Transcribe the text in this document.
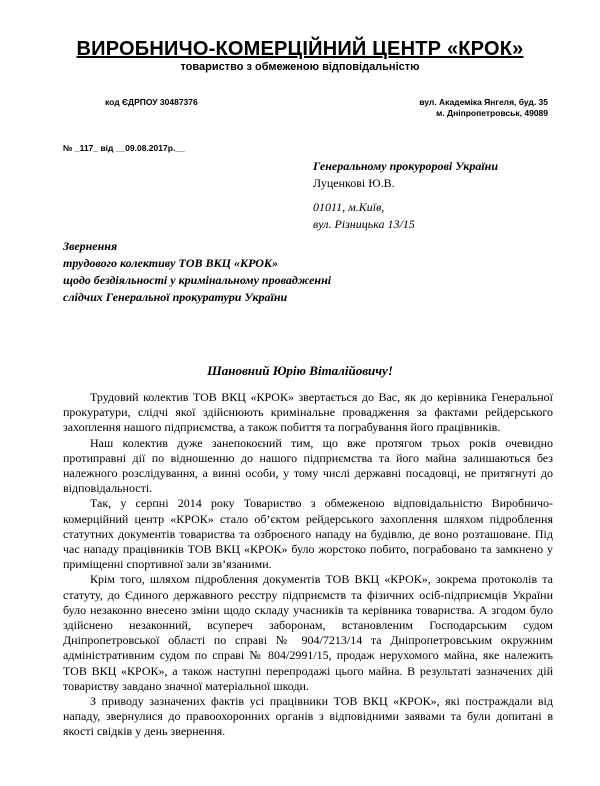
ВИРОБНИЧО-КОМЕРЦІЙНИЙ ЦЕНТР «КРОК»
товариство з обмеженою відповідальністю
код ЄДРПОУ 30487376	вул. Академіка Янгеля, буд. 35
м. Дніпропетровськ, 49089
№ _117_ від __09.08.2017р.__
Генеральному прокуророві України
Луценкові Ю.В.
01011, м.Київ,
вул. Різницька 13/15
Звернення
трудового колективу ТОВ ВКЦ «КРОК»
щодо бездіяльності у кримінальному провадженні
слідчих Генеральної прокуратури України
Шановний Юрію Віталійовичу!
Трудовий колектив ТОВ ВКЦ «КРОК» звертається до Вас, як до керівника Генеральної
прокуратури, слідчі якої здійснюють кримінальне провадження за фактами рейдерського
захоплення нашого підприємства, а також побиття та пограбування його працівників.
Наш колектив дуже занепокоєний тим, що вже протягом трьох років очевидно
протиправні дії по відношенню до нашого підприємства та його майна залишаються без
належного розслідування, а винні особи, у тому числі державні посадовці, не притягнуті до
відповідальності.
Так, у серпні 2014 року Товариство з обмеженою відповідальністю Виробничо-
комерційний центр «КРОК» стало об’єктом рейдерського захоплення шляхом підроблення
статутних документів товариства та озброєного нападу на будівлю, де воно розташоване. Під
час нападу працівників ТОВ ВКЦ «КРОК» було жорстоко побито, пограбовано та замкнено у
приміщенні спортивної зали зв’язаними.
Крім того, шляхом підроблення документів ТОВ ВКЦ «КРОК», зокрема протоколів та
статуту, до Єдиного державного реєстру підприємств та фізичних осіб-підприємців України
було незаконно внесено зміни щодо складу учасників та керівника товариства. А згодом було
здійснено незаконний, всупереч заборонам, встановленим Господарським судом
Дніпропетровської області по справі № 904/7213/14 та Дніпропетровським окружним
адміністративним судом по справі № 804/2991/15, продаж нерухомого майна, яке належить
ТОВ ВКЦ «КРОК», а також наступні перепродажі цього майна. В результаті зазначених дій
товариству завдано значної матеріальної шкоди.
З приводу зазначених фактів усі працівники ТОВ ВКЦ «КРОК», які постраждали від
нападу, звернулися до правоохоронних органів з відповідними заявами та були допитані в
якості свідків у день звернення.
